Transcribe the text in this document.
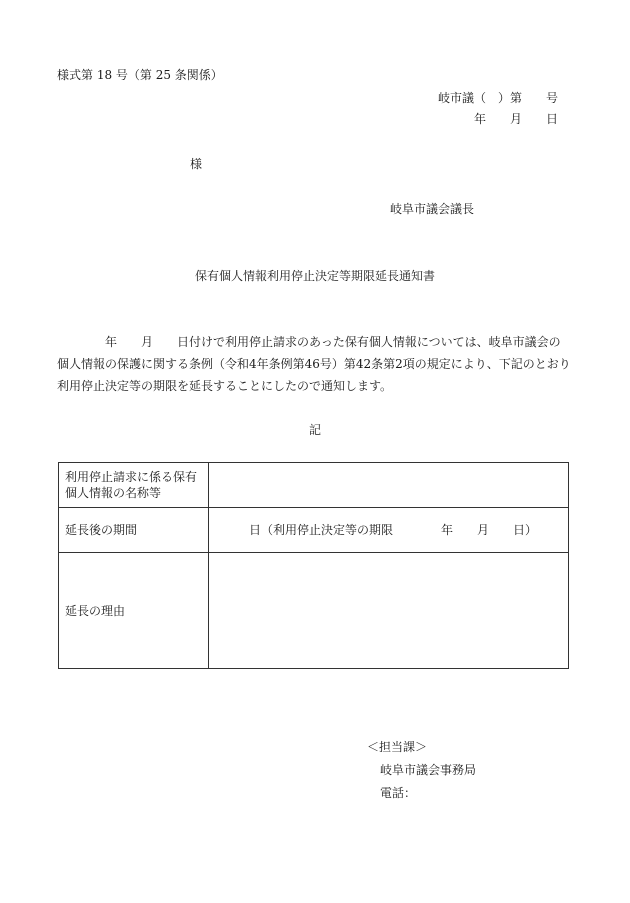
様式第 18 号（第 25 条関係）
岐市議（　）第　　号
年　　月　　日
様
岐阜市議会議長
保有個人情報利用停止決定等期限延長通知書
　　　　年　　月　　日付けで利用停止請求のあった保有個人情報については、岐阜市議会の
個人情報の保護に関する条例（令和4年条例第46号）第42条第2項の規定により、下記のとおり
利用停止決定等の期限を延長することにしたので通知します。
記
利用停止請求に係る保有個人情報の名称等	
延長後の期間	日（利用停止決定等の期限　　　　年　　月　　日）
延長の理由	
＜担当課＞
岐阜市議会事務局
電話：
